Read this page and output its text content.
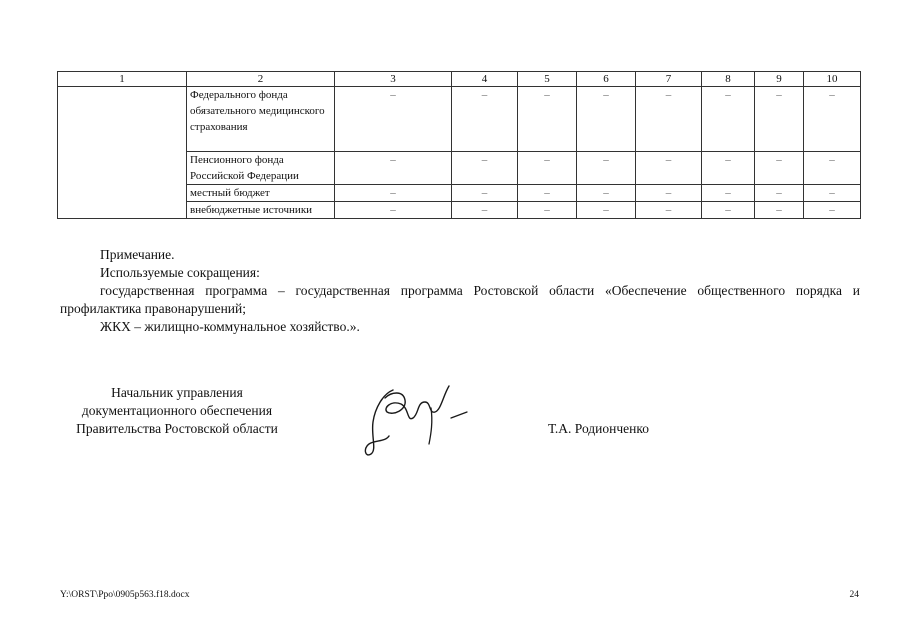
1	2	3	4	5	6	7	8	9	10
	Федерального фонда обязательного медицинского страхования	–	–	–	–	–	–	–	–
	Пенсионного фонда Российской Федерации	–	–	–	–	–	–	–	–
	местный бюджет	–	–	–	–	–	–	–	–
	внебюджетные источники	–	–	–	–	–	–	–	–

Примечание.

Используемые сокращения:

государственная программа – государственная программа Ростовской области «Обеспечение общественного порядка и профилактика правонарушений;

ЖКХ – жилищно-коммунальное хозяйство.».

Начальник управления
документационного обеспечения
Правительства Ростовской области	Т.А. Родионченко
Y:\ORST\Ppo\0905p563.f18.docx	24
